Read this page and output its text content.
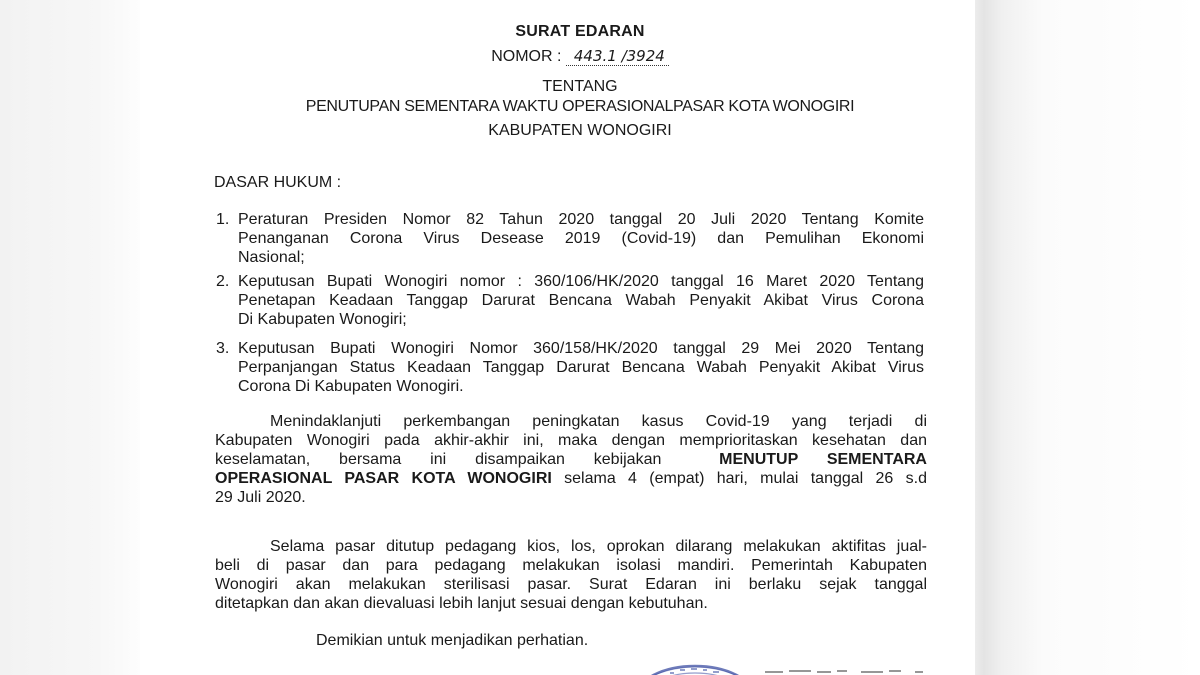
SURAT EDARAN
NOMOR : 443.1 /3924
TENTANG
PENUTUPAN SEMENTARA WAKTU OPERASIONALPASAR KOTA WONOGIRI
KABUPATEN WONOGIRI
DASAR HUKUM :
1. Peraturan Presiden Nomor 82 Tahun 2020 tanggal 20 Juli 2020 Tentang Komite
Penanganan Corona Virus Desease 2019 (Covid-19) dan Pemulihan Ekonomi
Nasional;
2. Keputusan Bupati Wonogiri nomor : 360/106/HK/2020 tanggal 16 Maret 2020 Tentang
Penetapan Keadaan Tanggap Darurat Bencana Wabah Penyakit Akibat Virus Corona
Di Kabupaten Wonogiri;
3. Keputusan Bupati Wonogiri Nomor 360/158/HK/2020 tanggal 29 Mei 2020 Tentang
Perpanjangan Status Keadaan Tanggap Darurat Bencana Wabah Penyakit Akibat Virus
Corona Di Kabupaten Wonogiri.
Menindaklanjuti perkembangan peningkatan kasus Covid-19 yang terjadi di
Kabupaten Wonogiri pada akhir-akhir ini, maka dengan memprioritaskan kesehatan dan
keselamatan, bersama ini disampaikan kebijakan	MENUTUP SEMENTARA
OPERASIONAL PASAR KOTA WONOGIRI selama 4 (empat) hari, mulai tanggal 26 s.d
29 Juli 2020.
Selama pasar ditutup pedagang kios, los, oprokan dilarang melakukan aktifitas jual-
beli di pasar dan para pedagang melakukan isolasi mandiri. Pemerintah Kabupaten
Wonogiri akan melakukan sterilisasi pasar. Surat Edaran ini berlaku sejak tanggal
ditetapkan dan akan dievaluasi lebih lanjut sesuai dengan kebutuhan.
Demikian untuk menjadikan perhatian.
